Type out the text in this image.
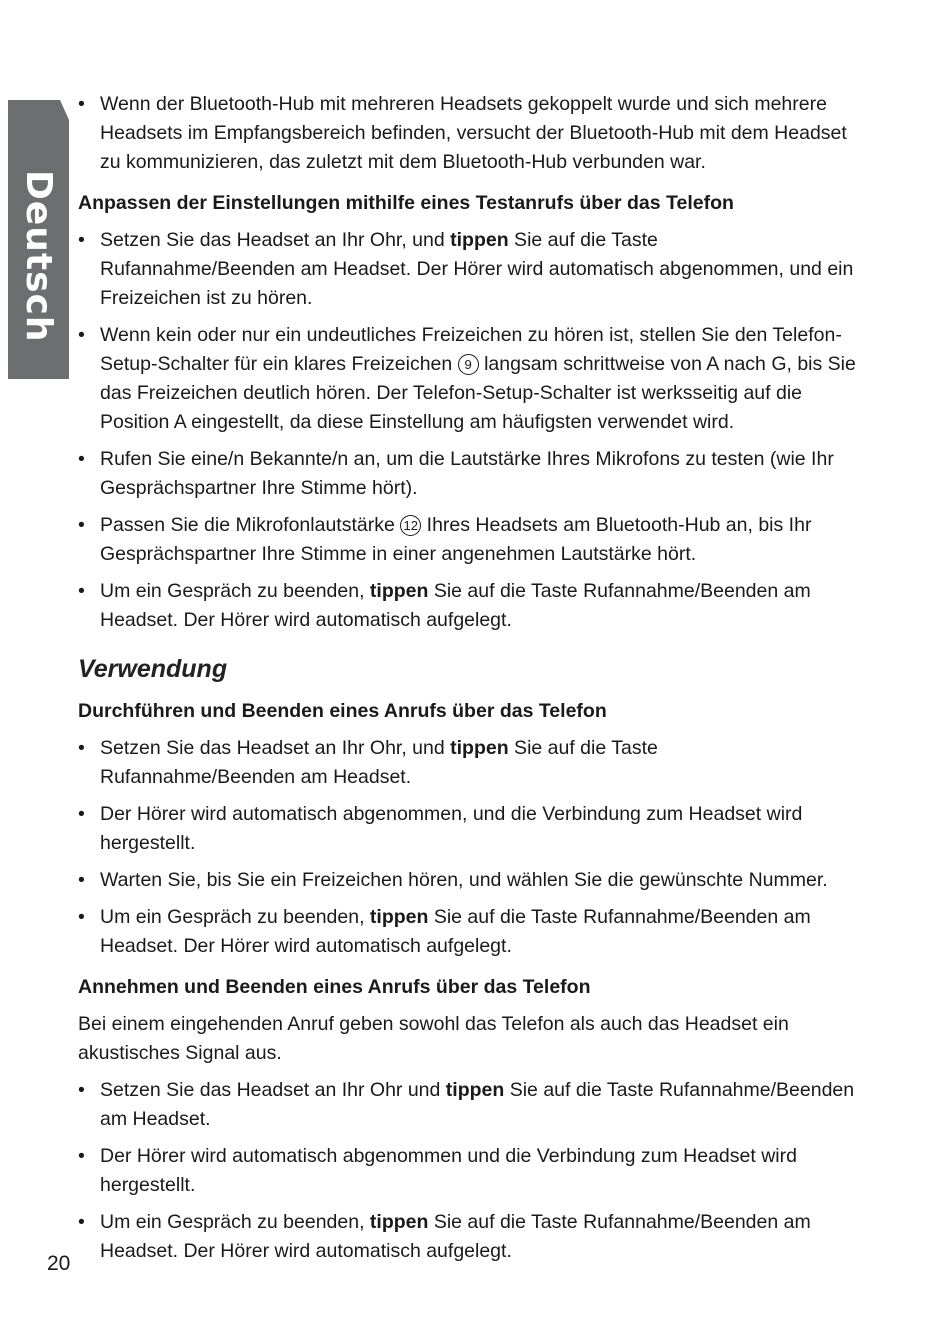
Deutsch
• Wenn der Bluetooth-Hub mit mehreren Headsets gekoppelt wurde und sich mehrere Headsets im Empfangsbereich befinden, versucht der Bluetooth-Hub mit dem Headset zu kommunizieren, das zuletzt mit dem Bluetooth-Hub verbunden war.
Anpassen der Einstellungen mithilfe eines Testanrufs über das Telefon
• Setzen Sie das Headset an Ihr Ohr, und tippen Sie auf die Taste Rufannahme/Beenden am Headset. Der Hörer wird automatisch abgenommen, und ein Freizeichen ist zu hören.
• Wenn kein oder nur ein undeutliches Freizeichen zu hören ist, stellen Sie den Telefon-Setup-Schalter für ein klares Freizeichen 9 langsam schrittweise von A nach G, bis Sie das Freizeichen deutlich hören. Der Telefon-Setup-Schalter ist werksseitig auf die Position A eingestellt, da diese Einstellung am häufigsten verwendet wird.
• Rufen Sie eine/n Bekannte/n an, um die Lautstärke Ihres Mikrofons zu testen (wie Ihr Gesprächspartner Ihre Stimme hört).
• Passen Sie die Mikrofonlautstärke 12 Ihres Headsets am Bluetooth-Hub an, bis Ihr Gesprächspartner Ihre Stimme in einer angenehmen Lautstärke hört.
• Um ein Gespräch zu beenden, tippen Sie auf die Taste Rufannahme/Beenden am Headset. Der Hörer wird automatisch aufgelegt.
Verwendung
Durchführen und Beenden eines Anrufs über das Telefon
• Setzen Sie das Headset an Ihr Ohr, und tippen Sie auf die Taste Rufannahme/Beenden am Headset.
• Der Hörer wird automatisch abgenommen, und die Verbindung zum Headset wird hergestellt.
• Warten Sie, bis Sie ein Freizeichen hören, und wählen Sie die gewünschte Nummer.
• Um ein Gespräch zu beenden, tippen Sie auf die Taste Rufannahme/Beenden am Headset. Der Hörer wird automatisch aufgelegt.
Annehmen und Beenden eines Anrufs über das Telefon

Bei einem eingehenden Anruf geben sowohl das Telefon als auch das Headset ein akustisches Signal aus.

• Setzen Sie das Headset an Ihr Ohr und tippen Sie auf die Taste Rufannahme/Beenden am Headset.
• Der Hörer wird automatisch abgenommen und die Verbindung zum Headset wird hergestellt.
• Um ein Gespräch zu beenden, tippen Sie auf die Taste Rufannahme/Beenden am Headset. Der Hörer wird automatisch aufgelegt.
20
